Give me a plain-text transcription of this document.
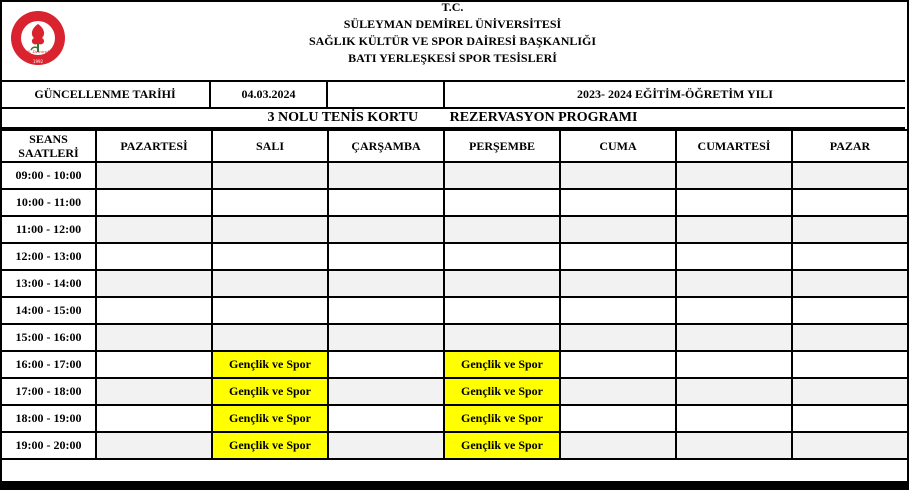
S. Demirel
1992
T.C.
SÜLEYMAN DEMİREL ÜNİVERSİTESİ
SAĞLIK KÜLTÜR VE SPOR DAİRESİ BAŞKANLIĞI
BATI YERLEŞKESİ SPOR TESİSLERİ
GÜNCELLENME TARİHİ	04.03.2024	2023- 2024 EĞİTİM-ÖĞRETİM YILI
3 NOLU TENİS KORTU REZERVASYON PROGRAMI
SEANS SAATLERİ	PAZARTESİ	SALI	ÇARŞAMBA	PERŞEMBE	CUMA	CUMARTESİ	PAZAR
09:00 - 10:00							
10:00 - 11:00							
11:00 - 12:00							
12:00 - 13:00							
13:00 - 14:00							
14:00 - 15:00							
15:00 - 16:00							
16:00 - 17:00		Gençlik ve Spor		Gençlik ve Spor			
17:00 - 18:00		Gençlik ve Spor		Gençlik ve Spor			
18:00 - 19:00		Gençlik ve Spor		Gençlik ve Spor			
19:00 - 20:00		Gençlik ve Spor		Gençlik ve Spor			
